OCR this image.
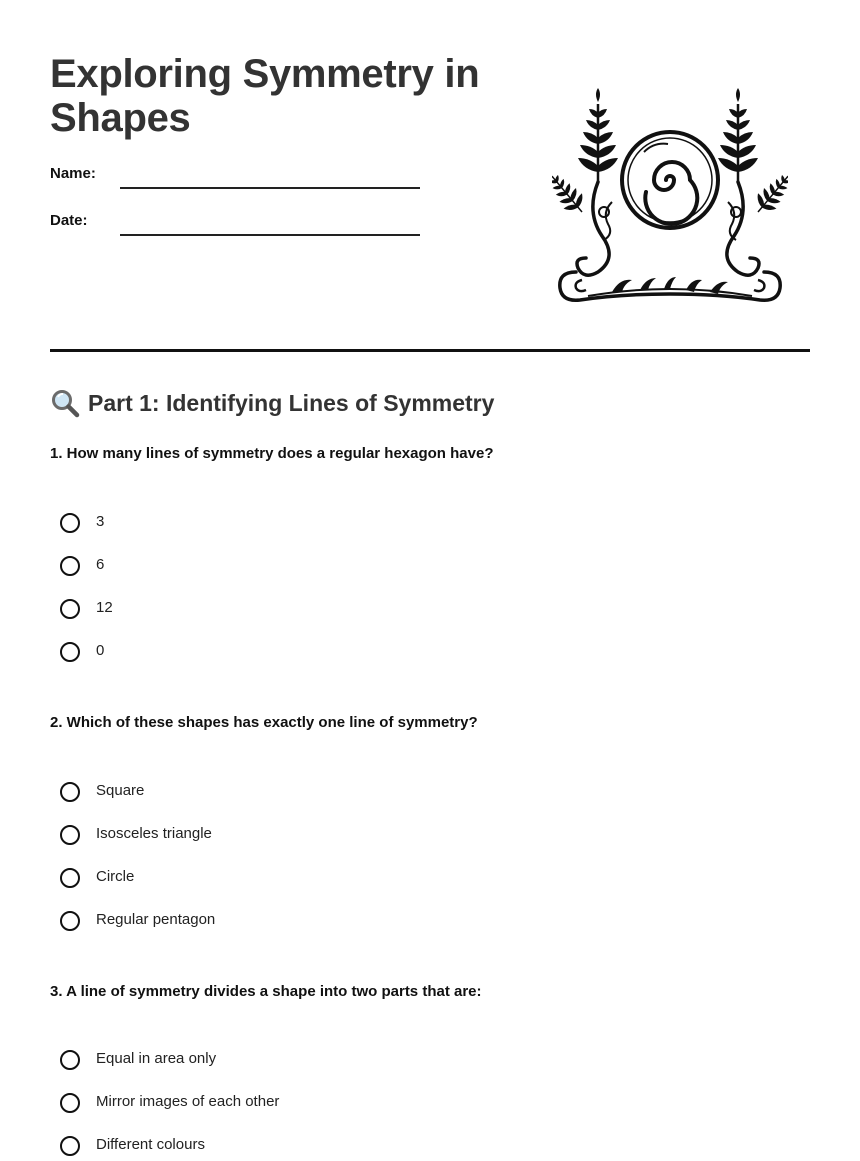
Exploring Symmetry in Shapes
Name:
Date:
Part 1: Identifying Lines of Symmetry

1. How many lines of symmetry does a regular hexagon have?

3
6
12
0

2. Which of these shapes has exactly one line of symmetry?

Square
Isosceles triangle
Circle
Regular pentagon

3. A line of symmetry divides a shape into two parts that are:

Equal in area only
Mirror images of each other
Different colours
